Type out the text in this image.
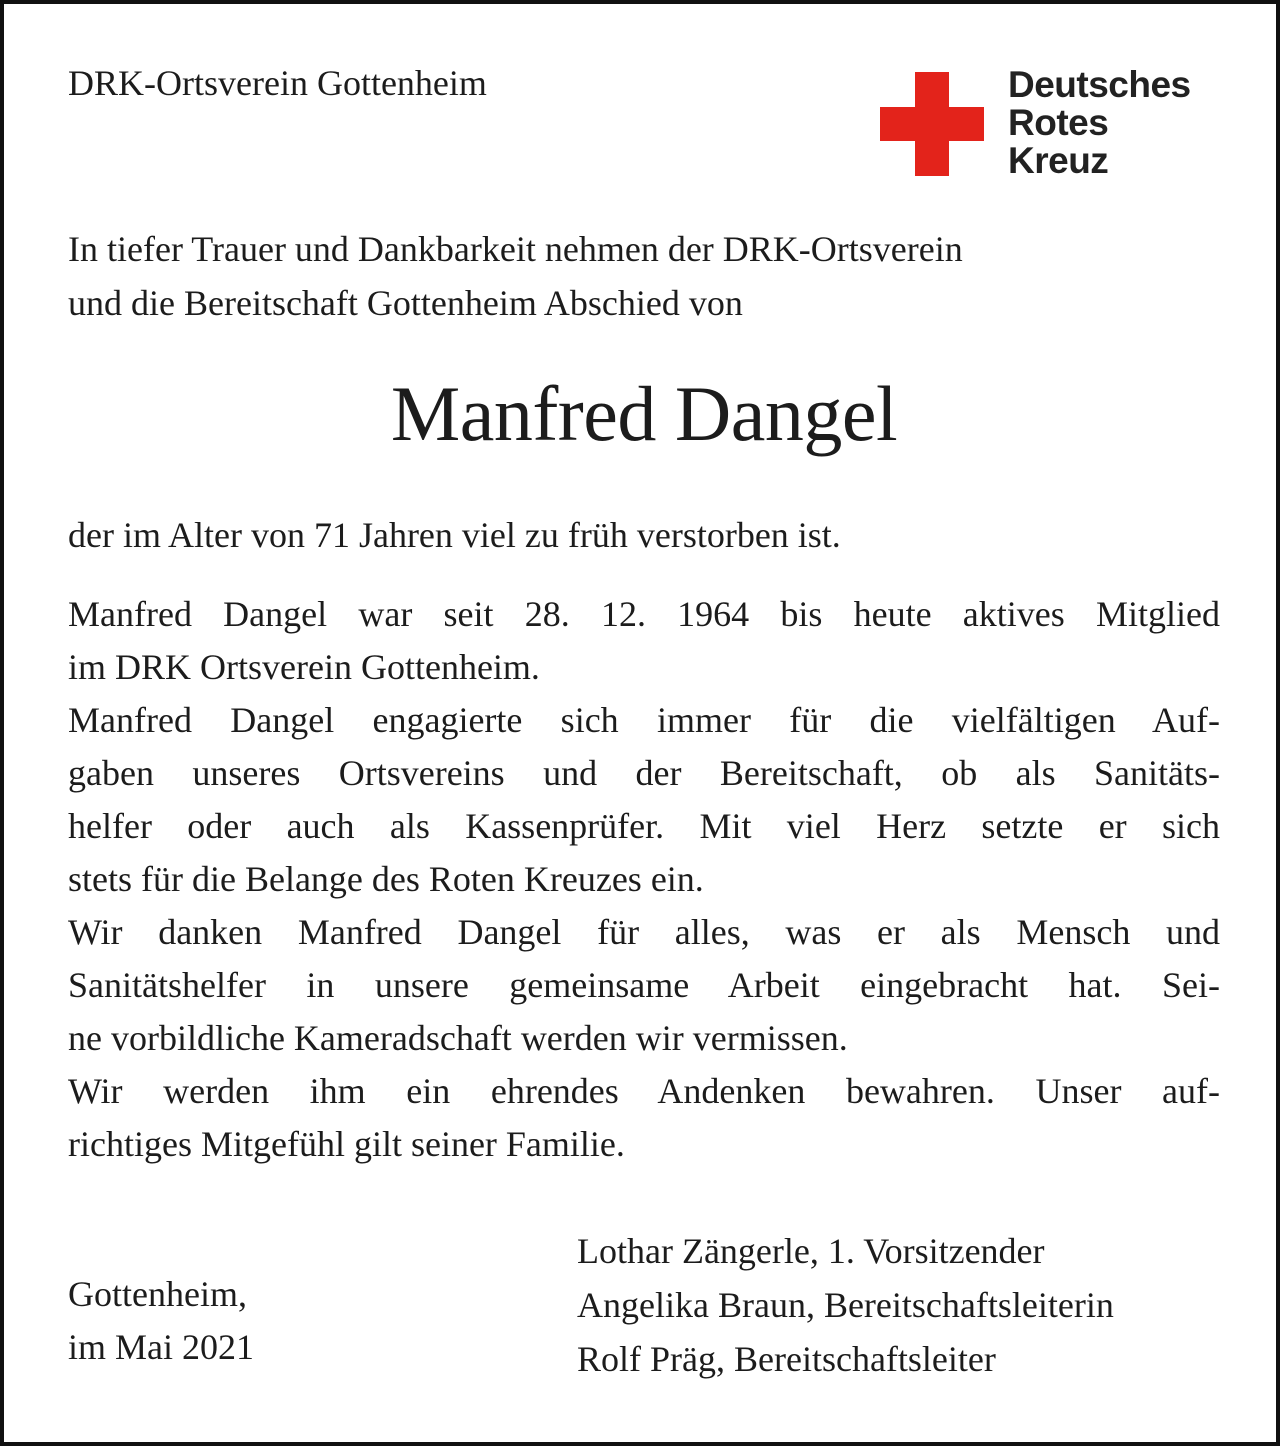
DRK-Ortsverein Gottenheim	Deutsches
Rotes
Kreuz
In tiefer Trauer und Dankbarkeit nehmen der DRK-Ortsverein
und die Bereitschaft Gottenheim Abschied von
Manfred Dangel
der im Alter von 71 Jahren viel zu früh verstorben ist.
Manfred Dangel war seit 28. 12. 1964 bis heute aktives Mitglied
im DRK Ortsverein Gottenheim.
Manfred Dangel engagierte sich immer für die vielfältigen Auf-
gaben unseres Ortsvereins und der Bereitschaft, ob als Sanitäts-
helfer oder auch als Kassenprüfer. Mit viel Herz setzte er sich
stets für die Belange des Roten Kreuzes ein.
Wir danken Manfred Dangel für alles, was er als Mensch und
Sanitätshelfer in unsere gemeinsame Arbeit eingebracht hat. Sei-
ne vorbildliche Kameradschaft werden wir vermissen.
Wir werden ihm ein ehrendes Andenken bewahren. Unser auf-
richtiges Mitgefühl gilt seiner Familie.
Gottenheim,
im Mai 2021
Lothar Zängerle, 1. Vorsitzender
Angelika Braun, Bereitschaftsleiterin
Rolf Präg, Bereitschaftsleiter
